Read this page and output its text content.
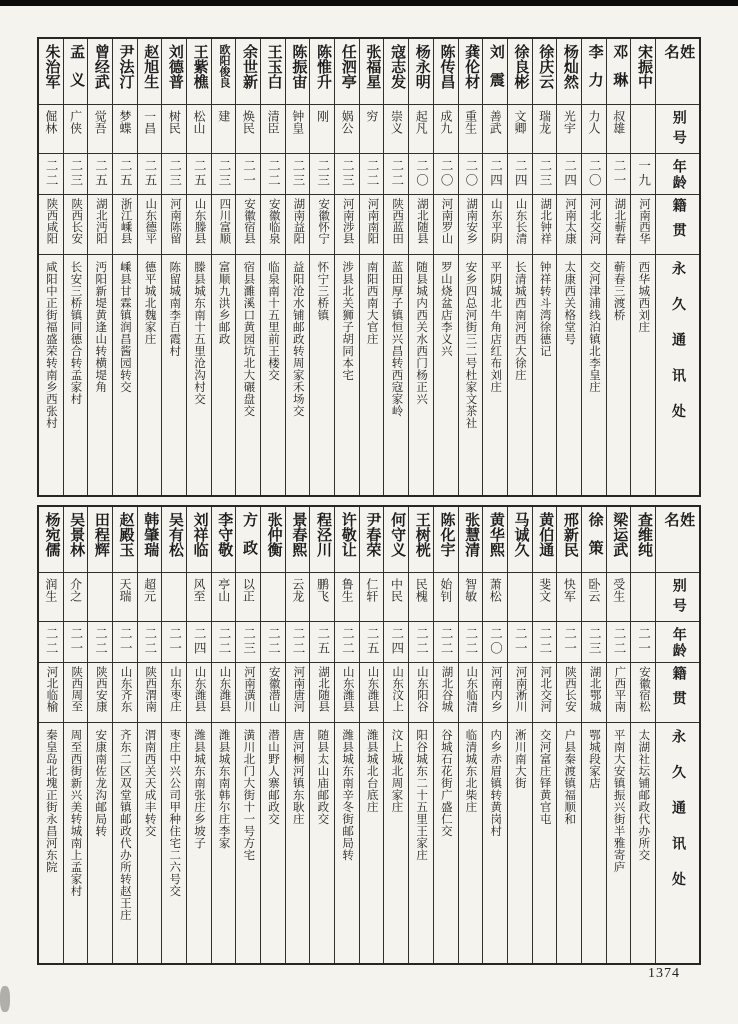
姓名
别号
年龄
籍贯
永久通讯处
宋振中
一九
河南西华
西华城西刘庄
邓琳
叔雄
二一
湖北蕲春
蕲春三渡桥
李力
力人
二〇
河北交河
交河津浦线泊镇北李皇庄
杨灿然
光宇
二四
河南太康
太康西关格堂号
徐庆云
瑞龙
二三
湖北钟祥
钟祥转斗湾徐德记
徐良彬
文卿
二四
山东长清
长清城西南河西大徐庄
刘震
善武
二四
山东平阴
平阴城北牛角店红布刘庄
龚伦材
重生
二〇
湖南安乡
安乡四总河街三二号杜家文茶社
陈传昌
成九
二〇
河南罗山
罗山烧盆店李义兴
杨永明
起凡
二〇
湖北随县
随县城内西关水西门杨正兴
寇志发
崇义
二二
陕西蓝田
蓝田厚子镇恒兴昌转西寇家岭
张福星
穷
二二
河南南阳
南阳西南大官庄
任泗亭
娲公
二三
河南涉县
涉县北关狮子胡同本宅
陈惟升
刚
二三
安徽怀宁
怀宁三桥镇
陈振宙
钟皇
二三
湖南益阳
益阳沧水铺邮政转周家禾场交
王玉白
清臣
二二
安徽临泉
临泉南十五里前王楼交
余世新
焕民
二一
安徽宿县
宿县濉溪口黄园坑北大碾盘交
欧阳俊良
建
二三
四川富顺
富顺九洪乡邮政
王紫樵
松山
二五
山东滕县
滕县城东南十五里沧沟村交
刘德普
树民
二三
河南陈留
陈留城南李百霞村
赵旭生
一昌
二五
山东德平
德平城北魏家庄
尹法汀
梦蝶
二五
浙江嵊县
嵊县甘霖镇润昌酱园转交
曾经武
觉吾
二五
湖北沔阳
沔阳新堤黄逢山转横堤角
孟义
广侠
二三
陕西长安
长安三桥镇同德合转孟家村
朱治军
倔林
二二
陕西咸阳
咸阳中正街福盛荣转南乡西张村
姓名
别号
年龄
籍贯
永久通讯处
查维纯
二一
安徽宿松
太湖社坛铺邮政代办所交
梁运武
受生
二二
广西平南
平南大安镇振兴街半雅寄庐
徐策
卧云
二三
湖北鄂城
鄂城段家店
邢新民
快军
二一
陕西长安
户县秦渡镇福顺和
黄伯通
斐文
二二
河北交河
交河富庄铎黄官屯
马诚久
二一
河南淅川
淅川南大街
黄华熙
萧松
二〇
河南内乡
内乡赤眉镇转黄岗村
张慧清
智敏
二二
山东临清
临清城东北柴庄
陈化宇
始钊
二二
湖北谷城
谷城石花街广盛仁交
王树桄
民槐
二二
山东阳谷
阳谷城东二十五里王家庄
何守义
中民
二四
山东汶上
汶上城北周家庄
尹春荣
仁轩
二五
山东潍县
潍县城北台底庄
许敬让
鲁生
二二
山东潍县
潍县城东南辛冬街邮局转
程泾川
鹏飞
二五
湖北随县
随县太山庙邮政交
景春熙
云龙
二二
河南唐河
唐河桐河镇东耿庄
张仲衡
二二
安徽潜山
潜山野人寨邮政交
方政
以正
二三
河南潢川
潢川北门大街十一号方宅
李守敬
亭山
二二
山东潍县
潍县城东南韩尔庄李家
刘祥临
风至
二四
山东潍县
潍县城东南张庄乡坡子
吴有松
二一
山东枣庄
枣庄中兴公司甲种住宅二六号交
韩肇瑞
超元
二二
陕西渭南
渭南西关天成丰转交
赵殿玉
天瑞
二一
山东齐东
齐东二区双堂镇邮政代办所转赵王庄
田程辉
二二
陕西安康
安康南佐龙沟邮局转
吴景林
介之
二一
陕西周至
周至西街新兴美转城南上孟家村
杨宛儒
润生
二二
河北临榆
秦皇岛北塊正街永昌河东院
1374
